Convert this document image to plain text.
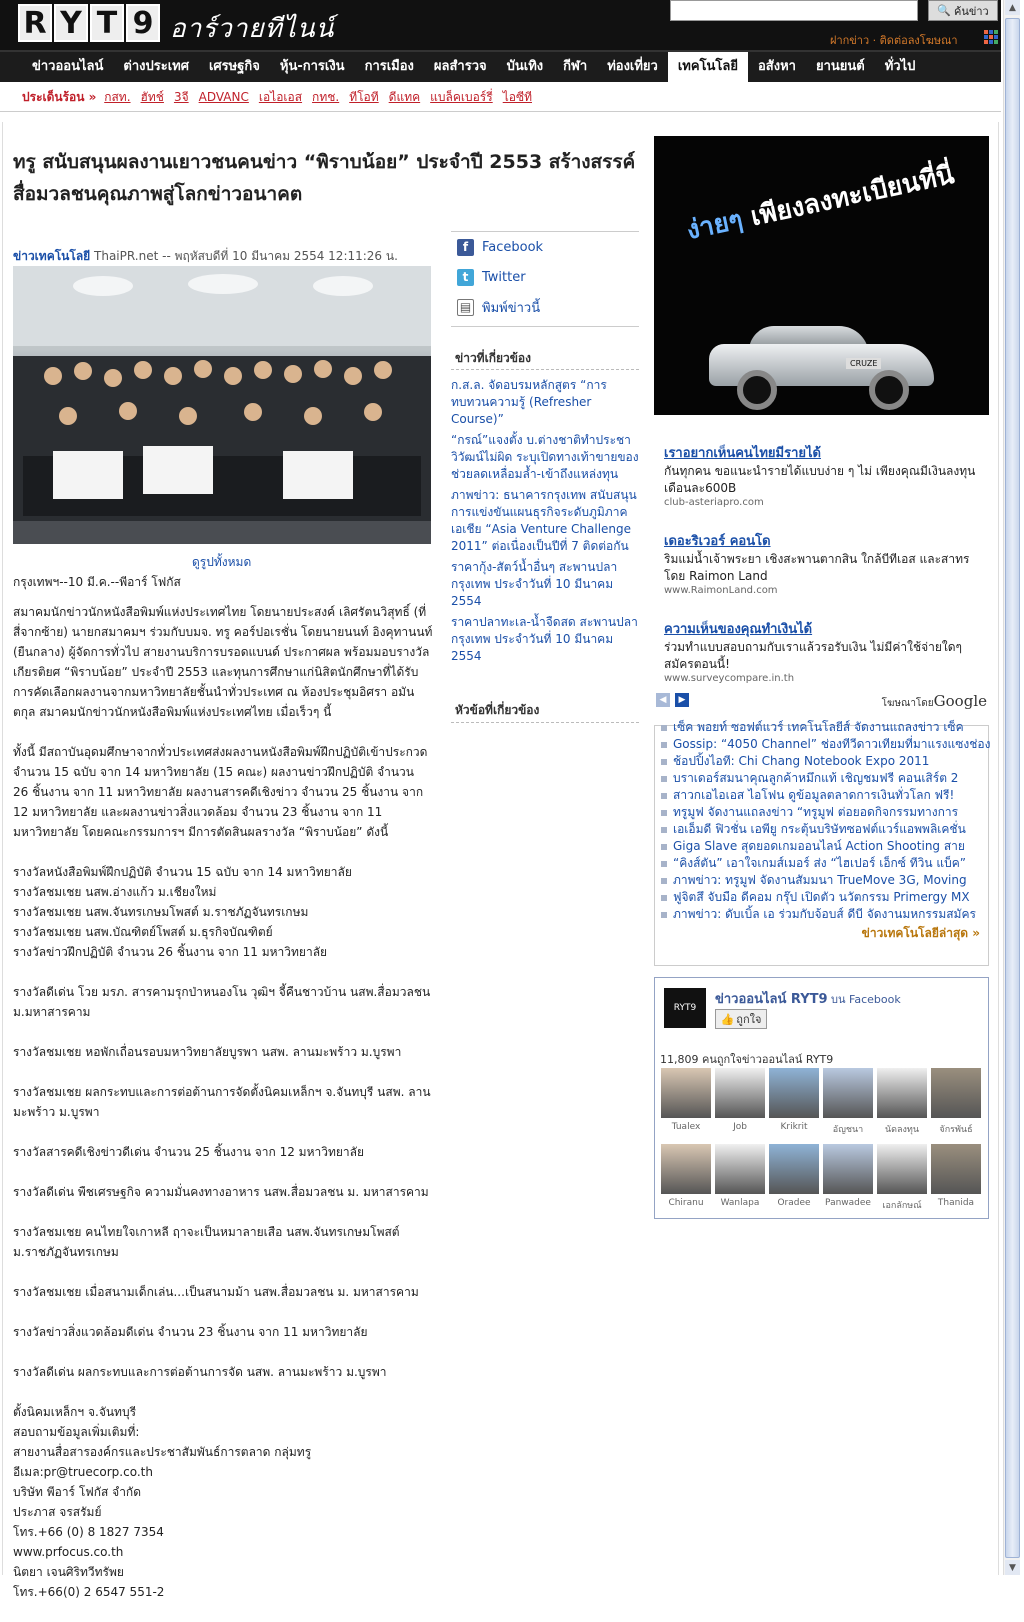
R Y T 9 อาร์วายทีไนน์
🔍 ค้นข่าว
ฝากข่าว · ติดต่อลงโฆษณา
ข่าวออนไลน์	ต่างประเทศ	เศรษฐกิจ	หุ้น-การเงิน	การเมือง	ผลสำรวจ	บันเทิง	กีฬา	ท่องเที่ยว	เทคโนโลยี	อสังหา	ยานยนต์	ทั่วไป
ประเด็นร้อน » กสท. ฮัทช์ 3จี ADVANC เอไอเอส กทช. ทีโอที ดีแทค แบล็คเบอร์รี่ ไอซีที
ทรู สนับสนุนผลงานเยาวชนคนข่าว “พิราบน้อย” ประจำปี 2553 สร้างสรรค์สื่อมวลชนคุณภาพสู่โลกข่าวอนาคต
ข่าวเทคโนโลยี ThaiPR.net -- พฤหัสบดีที่ 10 มีนาคม 2554 12:11:26 น.
ดูรูปทั้งหมด

กรุงเทพฯ--10 มี.ค.--พีอาร์ โฟกัส

สมาคมนักข่าวนักหนังสือพิมพ์แห่งประเทศไทย โดยนายประสงค์ เลิศรัตนวิสุทธิ์ (ที่สี่จากซ้าย) นายกสมาคมฯ ร่วมกับบมจ. ทรู คอร์ปอเรชั่น โดยนายนนท์ อิงคุทานนท์ (ยืนกลาง) ผู้จัดการทั่วไป สายงานบริการบรอดแบนด์ ประกาศผล พร้อมมอบรางวัลเกียรติยศ “พิราบน้อย” ประจำปี 2553 และทุนการศึกษาแก่นิสิตนักศึกษาที่ได้รับการคัดเลือกผลงานจากมหาวิทยาลัยชั้นนำทั่วประเทศ ณ ห้องประชุมอิศรา อมันตกุล สมาคมนักข่าวนักหนังสือพิมพ์แห่งประเทศไทย เมื่อเร็วๆ นี้

ทั้งนี้ มีสถาบันอุดมศึกษาจากทั่วประเทศส่งผลงานหนังสือพิมพ์ฝึกปฏิบัติเข้าประกวด จำนวน 15 ฉบับ จาก 14 มหาวิทยาลัย (15 คณะ) ผลงานข่าวฝึกปฏิบัติ จำนวน 26 ชิ้นงาน จาก 11 มหาวิทยาลัย ผลงานสารคดีเชิงข่าว จำนวน 25 ชิ้นงาน จาก 12 มหาวิทยาลัย และผลงานข่าวสิ่งแวดล้อม จำนวน 23 ชิ้นงาน จาก 11 มหาวิทยาลัย โดยคณะกรรมการฯ มีการตัดสินผลรางวัล “พิราบน้อย” ดังนี้

รางวัลหนังสือพิมพ์ฝึกปฏิบัติ จำนวน 15 ฉบับ จาก 14 มหาวิทยาลัย
รางวัลชมเชย นสพ.อ่างแก้ว ม.เชียงใหม่
รางวัลชมเชย นสพ.จันทรเกษมโพสต์ ม.ราชภัฏจันทรเกษม
รางวัลชมเชย นสพ.บัณฑิตย์โพสต์ ม.ธุรกิจบัณฑิตย์
รางวัลข่าวฝึกปฏิบัติ จำนวน 26 ชิ้นงาน จาก 11 มหาวิทยาลัย

รางวัลดีเด่น โวย มรภ. สารคามรุกป่าหนองโน วุฒิฯ จี้คืนชาวบ้าน นสพ.สื่อมวลชน ม.มหาสารคาม

รางวัลชมเชย หอพักเถื่อนรอบมหาวิทยาลัยบูรพา นสพ. ลานมะพร้าว ม.บูรพา

รางวัลชมเชย ผลกระทบและการต่อต้านการจัดตั้งนิคมเหล็กฯ จ.จันทบุรี นสพ. ลานมะพร้าว ม.บูรพา

รางวัลสารคดีเชิงข่าวดีเด่น จำนวน 25 ชิ้นงาน จาก 12 มหาวิทยาลัย

รางวัลดีเด่น พืชเศรษฐกิจ ความมั่นคงทางอาหาร นสพ.สื่อมวลชน ม. มหาสารคาม

รางวัลชมเชย คนไทยใจเกาหลี ฤาจะเป็นหมาลายเสือ นสพ.จันทรเกษมโพสต์ ม.ราชภัฏจันทรเกษม

รางวัลชมเชย เมื่อสนามเด็กเล่น...เป็นสนามม้า นสพ.สื่อมวลชน ม. มหาสารคาม

รางวัลข่าวสิ่งแวดล้อมดีเด่น จำนวน 23 ชิ้นงาน จาก 11 มหาวิทยาลัย

รางวัลดีเด่น ผลกระทบและการต่อต้านการจัด นสพ. ลานมะพร้าว ม.บูรพา

ตั้งนิคมเหล็กฯ จ.จันทบุรี
สอบถามข้อมูลเพิ่มเติมที่:
สายงานสื่อสารองค์กรและประชาสัมพันธ์การตลาด กลุ่มทรู
อีเมล:pr@truecorp.co.th
บริษัท พีอาร์ โฟกัส จำกัด
ประภาส จรสรัมย์
โทร.+66 (0) 8 1827 7354
www.prfocus.co.th
นิตยา เจนศิริทวีทรัพย
โทร.+66(0) 2 6547 551-2

f	Facebook
t	Twitter
▤ พิมพ์ข่าวนี้
ข่าวที่เกี่ยวข้อง
ก.ส.ล. จัดอบรมหลักสูตร “การทบทวนความรู้ (Refresher Course)”
“กรณ์”แจงตั้ง บ.ต่างชาติทำประชาวิวัฒน์ไม่ผิด ระบุเปิดทางเท้าขายของช่วยลดเหลื่อมล้ำ-เข้าถึงแหล่งทุน
ภาพข่าว: ธนาคารกรุงเทพ สนับสนุนการแข่งขันแผนธุรกิจระดับภูมิภาคเอเชีย “Asia Venture Challenge 2011” ต่อเนื่องเป็นปีที่ 7 ติดต่อกัน
ราคากุ้ง-สัตว์น้ำอื่นๆ สะพานปลากรุงเทพ ประจำวันที่ 10 มีนาคม 2554
ราคาปลาทะเล-น้ำจืดสด สะพานปลากรุงเทพ ประจำวันที่ 10 มีนาคม 2554
หัวข้อที่เกี่ยวข้อง
ง่ายๆ เพียงลงทะเบียนที่นี่
CRUZE
เราอยากเห็นคนไทยมีรายได้
กันทุกคน ขอแนะนำรายได้แบบง่าย ๆ ไม่ เพียงคุณมีเงินลงทุนเดือนละ600B
club-asteriapro.com
เดอะริเวอร์ คอนโด
ริมแม่น้ำเจ้าพระยา เชิงสะพานตากสิน ใกล้บีทีเอส และสาทร โดย Raimon Land
www.RaimonLand.com
ความเห็นของคุณทำเงินได้
ร่วมทำแบบสอบถามกับเราแล้วรอรับเงิน ไม่มีค่าใช้จ่ายใดๆ สมัครตอนนี้!
www.surveycompare.in.th
◀	▶	โฆษณาโดยGoogle
เซ็ค พอยท์ ซอฟต์แวร์ เทคโนโลยีส์ จัดงานแถลงข่าว เซ็ค
Gossip: “4050 Channel” ช่องทีวีดาวเทียมที่มาแรงแซงช่อง
ช้อปปิ้งไอที: Chi Chang Notebook Expo 2011
บราเดอร์สมนาคุณลูกค้าหมึกแท้ เชิญชมฟรี คอนเสิร์ต 2
สาวกเอไอเอส ไอโฟน ดูข้อมูลตลาดการเงินทั่วโลก ฟรี!
ทรูมูฟ จัดงานแถลงข่าว “ทรูมูฟ ต่อยอดกิจกรรมทางการ
เอเอ็มดี ฟิวชั่น เอพียู กระตุ้นบริษัทซอฟต์แวร์แอพพลิเคชั่น
Giga Slave สุดยอดเกมออนไลน์ Action Shooting สาย
“คิงส์ตัน” เอาใจเกมส์เมอร์ ส่ง “ไฮเปอร์ เอ็กซ์ ทีวิน แบ็ค”
ภาพข่าว: ทรูมูฟ จัดงานสัมมนา TrueMove 3G, Moving
ฟูจิตสึ จับมือ ดีคอม กรุ๊ป เปิดตัว นวัตกรรม Primergy MX
ภาพข่าว: ดับเบิ้ล เอ ร่วมกับจ้อบส์ ดีบี จัดงานมหกรรมสมัคร
ข่าวเทคโนโลยีล่าสุด »
RYT9
ข่าวออนไลน์ RYT9 บน Facebook
👍 ถูกใจ
11,809 คนถูกใจข่าวออนไลน์ RYT9
Tualex	Job	Krikrit	อัญชนา	นัดลงทุน	จักรพันธ์
Chiranu	Wanlapa	Oradee	Panwadee	เอกลักษณ์	Thanida
▲
▼
